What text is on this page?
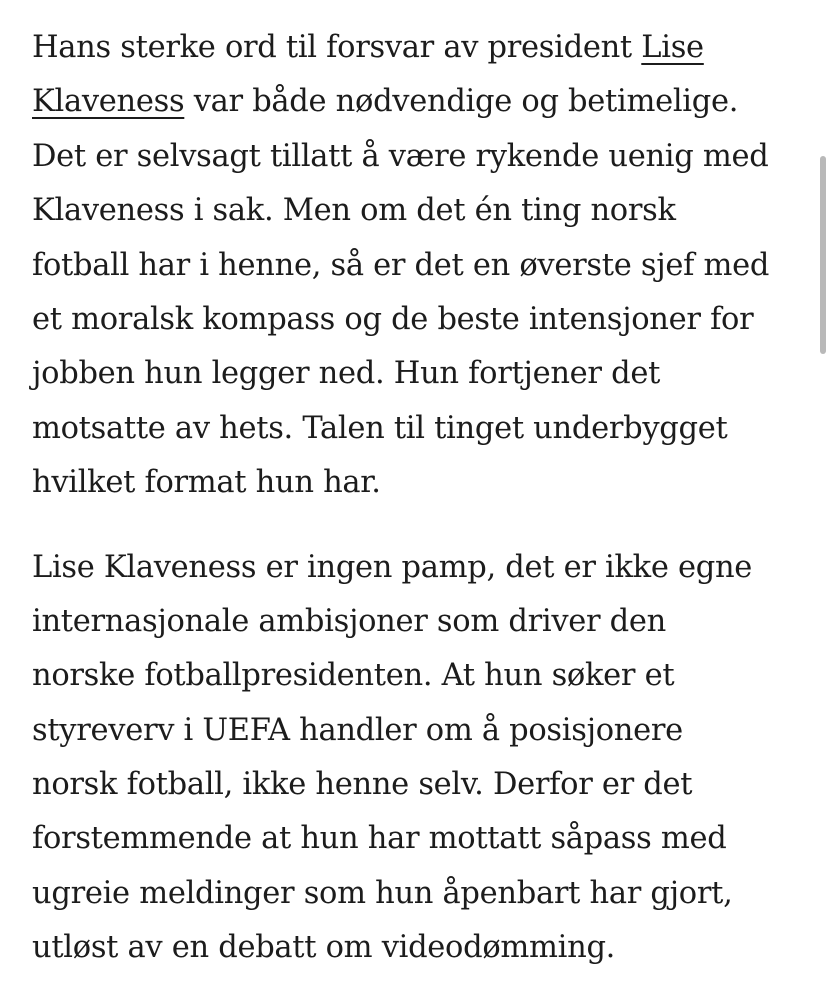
Hans sterke ord til forsvar av president Lise
Klaveness var både nødvendige og betimelige.
Det er selvsagt tillatt å være rykende uenig med
Klaveness i sak. Men om det én ting norsk
fotball har i henne, så er det en øverste sjef med
et moralsk kompass og de beste intensjoner for
jobben hun legger ned. Hun fortjener det
motsatte av hets. Talen til tinget underbygget
hvilket format hun har.

Lise Klaveness er ingen pamp, det er ikke egne
internasjonale ambisjoner som driver den
norske fotballpresidenten. At hun søker et
styreverv i UEFA handler om å posisjonere
norsk fotball, ikke henne selv. Derfor er det
forstemmende at hun har mottatt såpass med
ugreie meldinger som hun åpenbart har gjort,
utløst av en debatt om videodømming.
